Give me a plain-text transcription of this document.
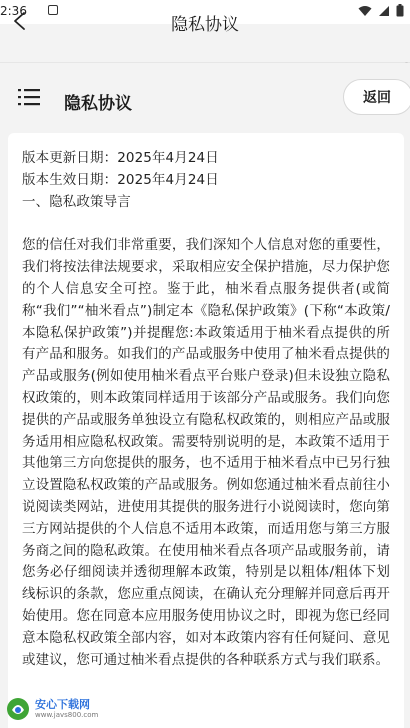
2:36
隐私协议
隐私协议	返回
版本更新日期：2025年4月24日
版本生效日期：2025年4月24日
一、隐私政策导言

您的信任对我们非常重要，我们深知个人信息对您的重要性，我们将按法律法规要求，采取相应安全保护措施，尽力保护您的个人信息安全可控。鉴于此，柚米看点服务提供者(或简称“我们”“柚米看点”)制定本《隐私保护政策》(下称“本政策/本隐私保护政策”)并提醒您:本政策适用于柚米看点提供的所有产品和服务。如我们的产品或服务中使用了柚米看点提供的产品或服务(例如使用柚米看点平台账户登录)但未设独立隐私权政策的，则本政策同样适用于该部分产品或服务。我们向您提供的产品或服务单独设立有隐私权政策的，则相应产品或服务适用相应隐私权政策。需要特别说明的是，本政策不适用于其他第三方向您提供的服务，也不适用于柚米看点中已另行独立设置隐私权政策的产品或服务。例如您通过柚米看点前往小说阅读类网站，进使用其提供的服务进行小说阅读时，您向第三方网站提供的个人信息不适用本政策，而适用您与第三方服务商之间的隐私政策。在使用柚米看点各项产品或服务前，请您务必仔细阅读并透彻理解本政策，特别是以粗体/粗体下划线标识的条款，您应重点阅读，在确认充分理解并同意后再开始使用。您在同意本应用服务使用协议之时，即视为您已经同意本隐私权政策全部内容，如对本政策内容有任何疑问、意见或建议，您可通过柚米看点提供的各种联系方式与我们联系。

安心下载网
www.javs800.com
